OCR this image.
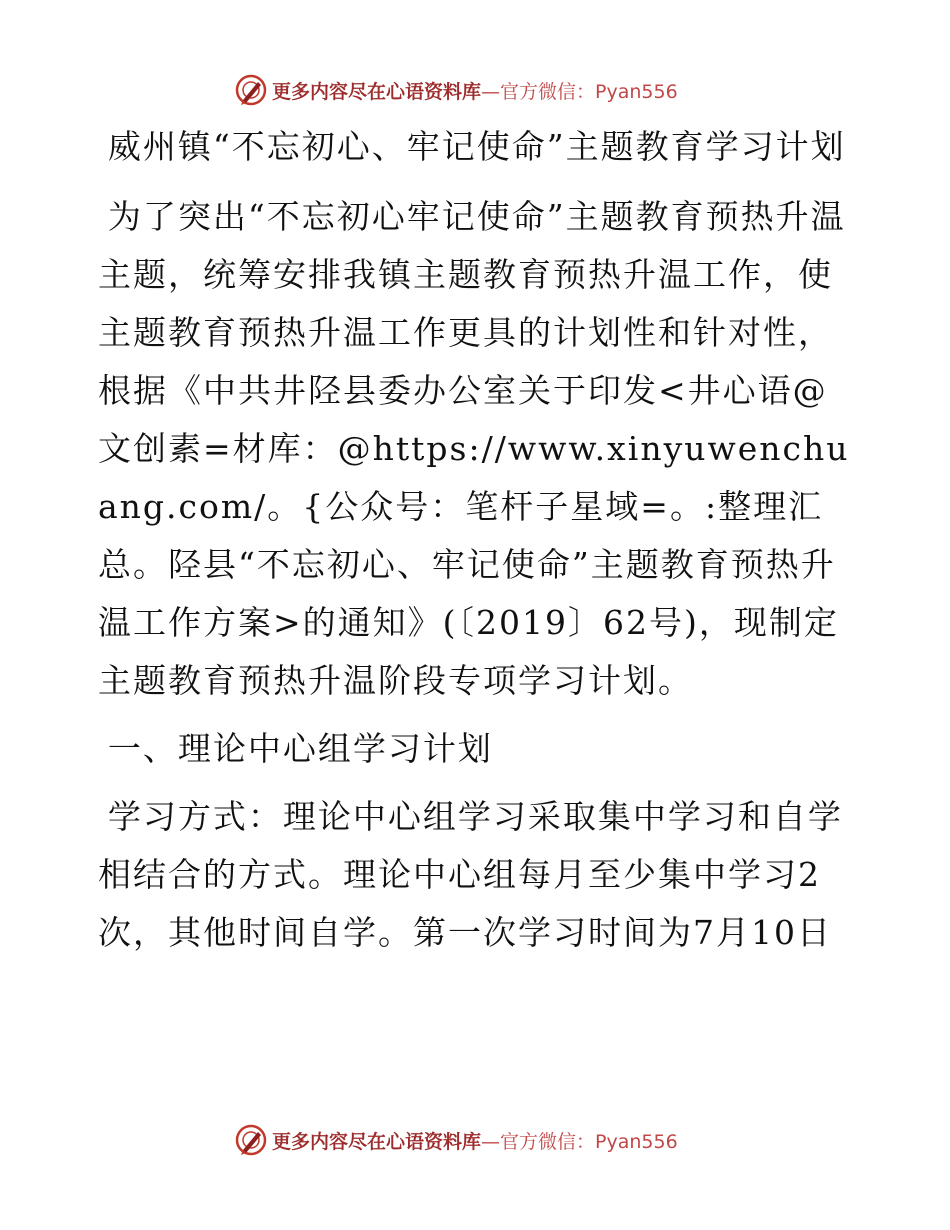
更多内容尽在心语资料库 —官方微信：Pyan556

威州镇“不忘初心、牢记使命”主题教育学习计划

为了突出“不忘初心牢记使命”主题教育预热升温主题，统筹安排我镇主题教育预热升温工作，使主题教育预热升温工作更具的计划性和针对性，根据《中共井陉县委办公室关于印发<井心语@文创素=材库：@https://www.xinyuwenchuang.com/。{公众号：笔杆子星域=。:整理汇总。陉县“不忘初心、牢记使命”主题教育预热升温工作方案>的通知》(〔2019〕62号)，现制定主题教育预热升温阶段专项学习计划。

一、理论中心组学习计划

学习方式：理论中心组学习采取集中学习和自学相结合的方式。理论中心组每月至少集中学习2次，其他时间自学。第一次学习时间为7月10日

更多内容尽在心语资料库 —官方微信：Pyan556
